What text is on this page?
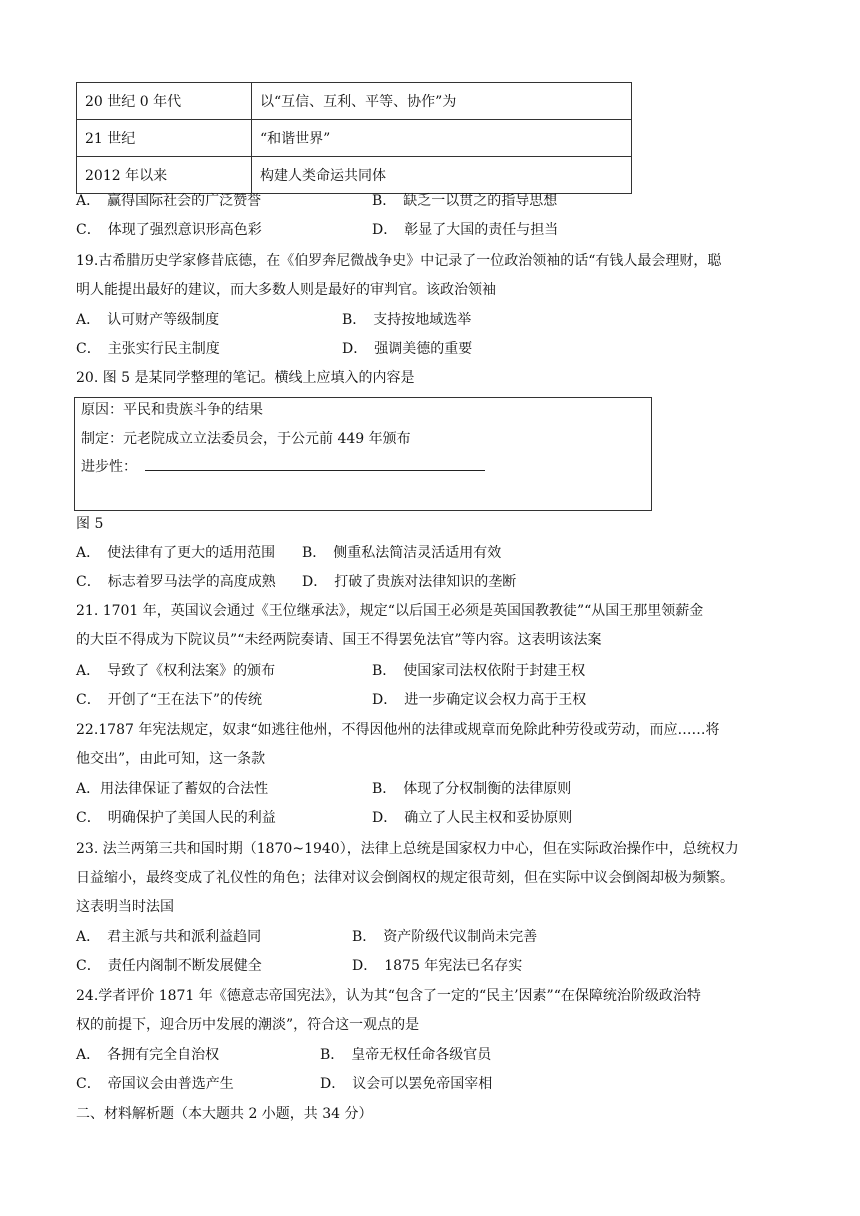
20 世纪 0 年代	以“互信、互利、平等、协作”为
21 世纪	“和谐世界”
2012 年以来	构建人类命运共同体
A．　赢得国际社会的广泛赞誉	B．　缺乏一以贯之的指导思想
C．　体现了强烈意识形高色彩	D．　彰显了大国的责任与担当
19.古希腊历史学家修昔底德，在《伯罗奔尼微战争史》中记录了一位政治领袖的话“有钱人最会理财，聪
明人能提出最好的建议，而大多数人则是最好的审判官。该政治领袖
A．　认可财产等级制度	B．　支持按地域选举
C．　主张实行民主制度	D．　强调美德的重要
20. 图 5 是某同学整理的笔记。横线上应填入的内容是
原因：平民和贵族斗争的结果
制定：元老院成立立法委员会，于公元前 449 年颁布
进步性：
图 5
A．　使法律有了更大的适用范围 B．　侧重私法简洁灵活适用有效
C．　标志着罗马法学的高度成熟 D．　打破了贵族对法律知识的垄断
21. 1701 年，英国议会通过《王位继承法》，规定“以后国王必须是英国国教教徒”“从国王那里领薪金
的大臣不得成为下院议员”“未经两院奏请、国王不得罢免法官”等内容。这表明该法案
A．　导致了《权利法案》的颁布	B．　使国家司法权依附于封建王权
C．　开创了“王在法下”的传统	D．　进一步确定议会权力高于王权
22.1787 年宪法规定，奴隶“如逃往他州，不得因他州的法律或规章而免除此种劳役或劳动，而应……将
他交出”，由此可知，这一条款
A．用法律保证了蓄奴的合法性	B．　体现了分权制衡的法律原则
C．　明确保护了美国人民的利益	D．　确立了人民主权和妥协原则
23. 法兰两第三共和国时期（1870~1940），法律上总统是国家权力中心，但在实际政治操作中，总统权力
日益缩小，最终变成了礼仪性的角色；法律对议会倒阁权的规定很苛刻，但在实际中议会倒阁却极为频繁。
这表明当时法国
A．　君主派与共和派利益趋同	B．　资产阶级代议制尚未完善
C．　责任内阁制不断发展健全	D．　1875 年宪法已名存实
24.学者评价 1871 年《德意志帝国宪法》，认为其“包含了一定的“民主’因素”“在保障统治阶级政治特
权的前提下，迎合历中发展的潮淡”，符合这一观点的是
A．　各拥有完全自治权	B．　皇帝无权任命各级官员
C．　帝国议会由普选产生	D．　议会可以罢免帝国宰相
二、材料解析题（本大题共 2 小题，共 34 分）
